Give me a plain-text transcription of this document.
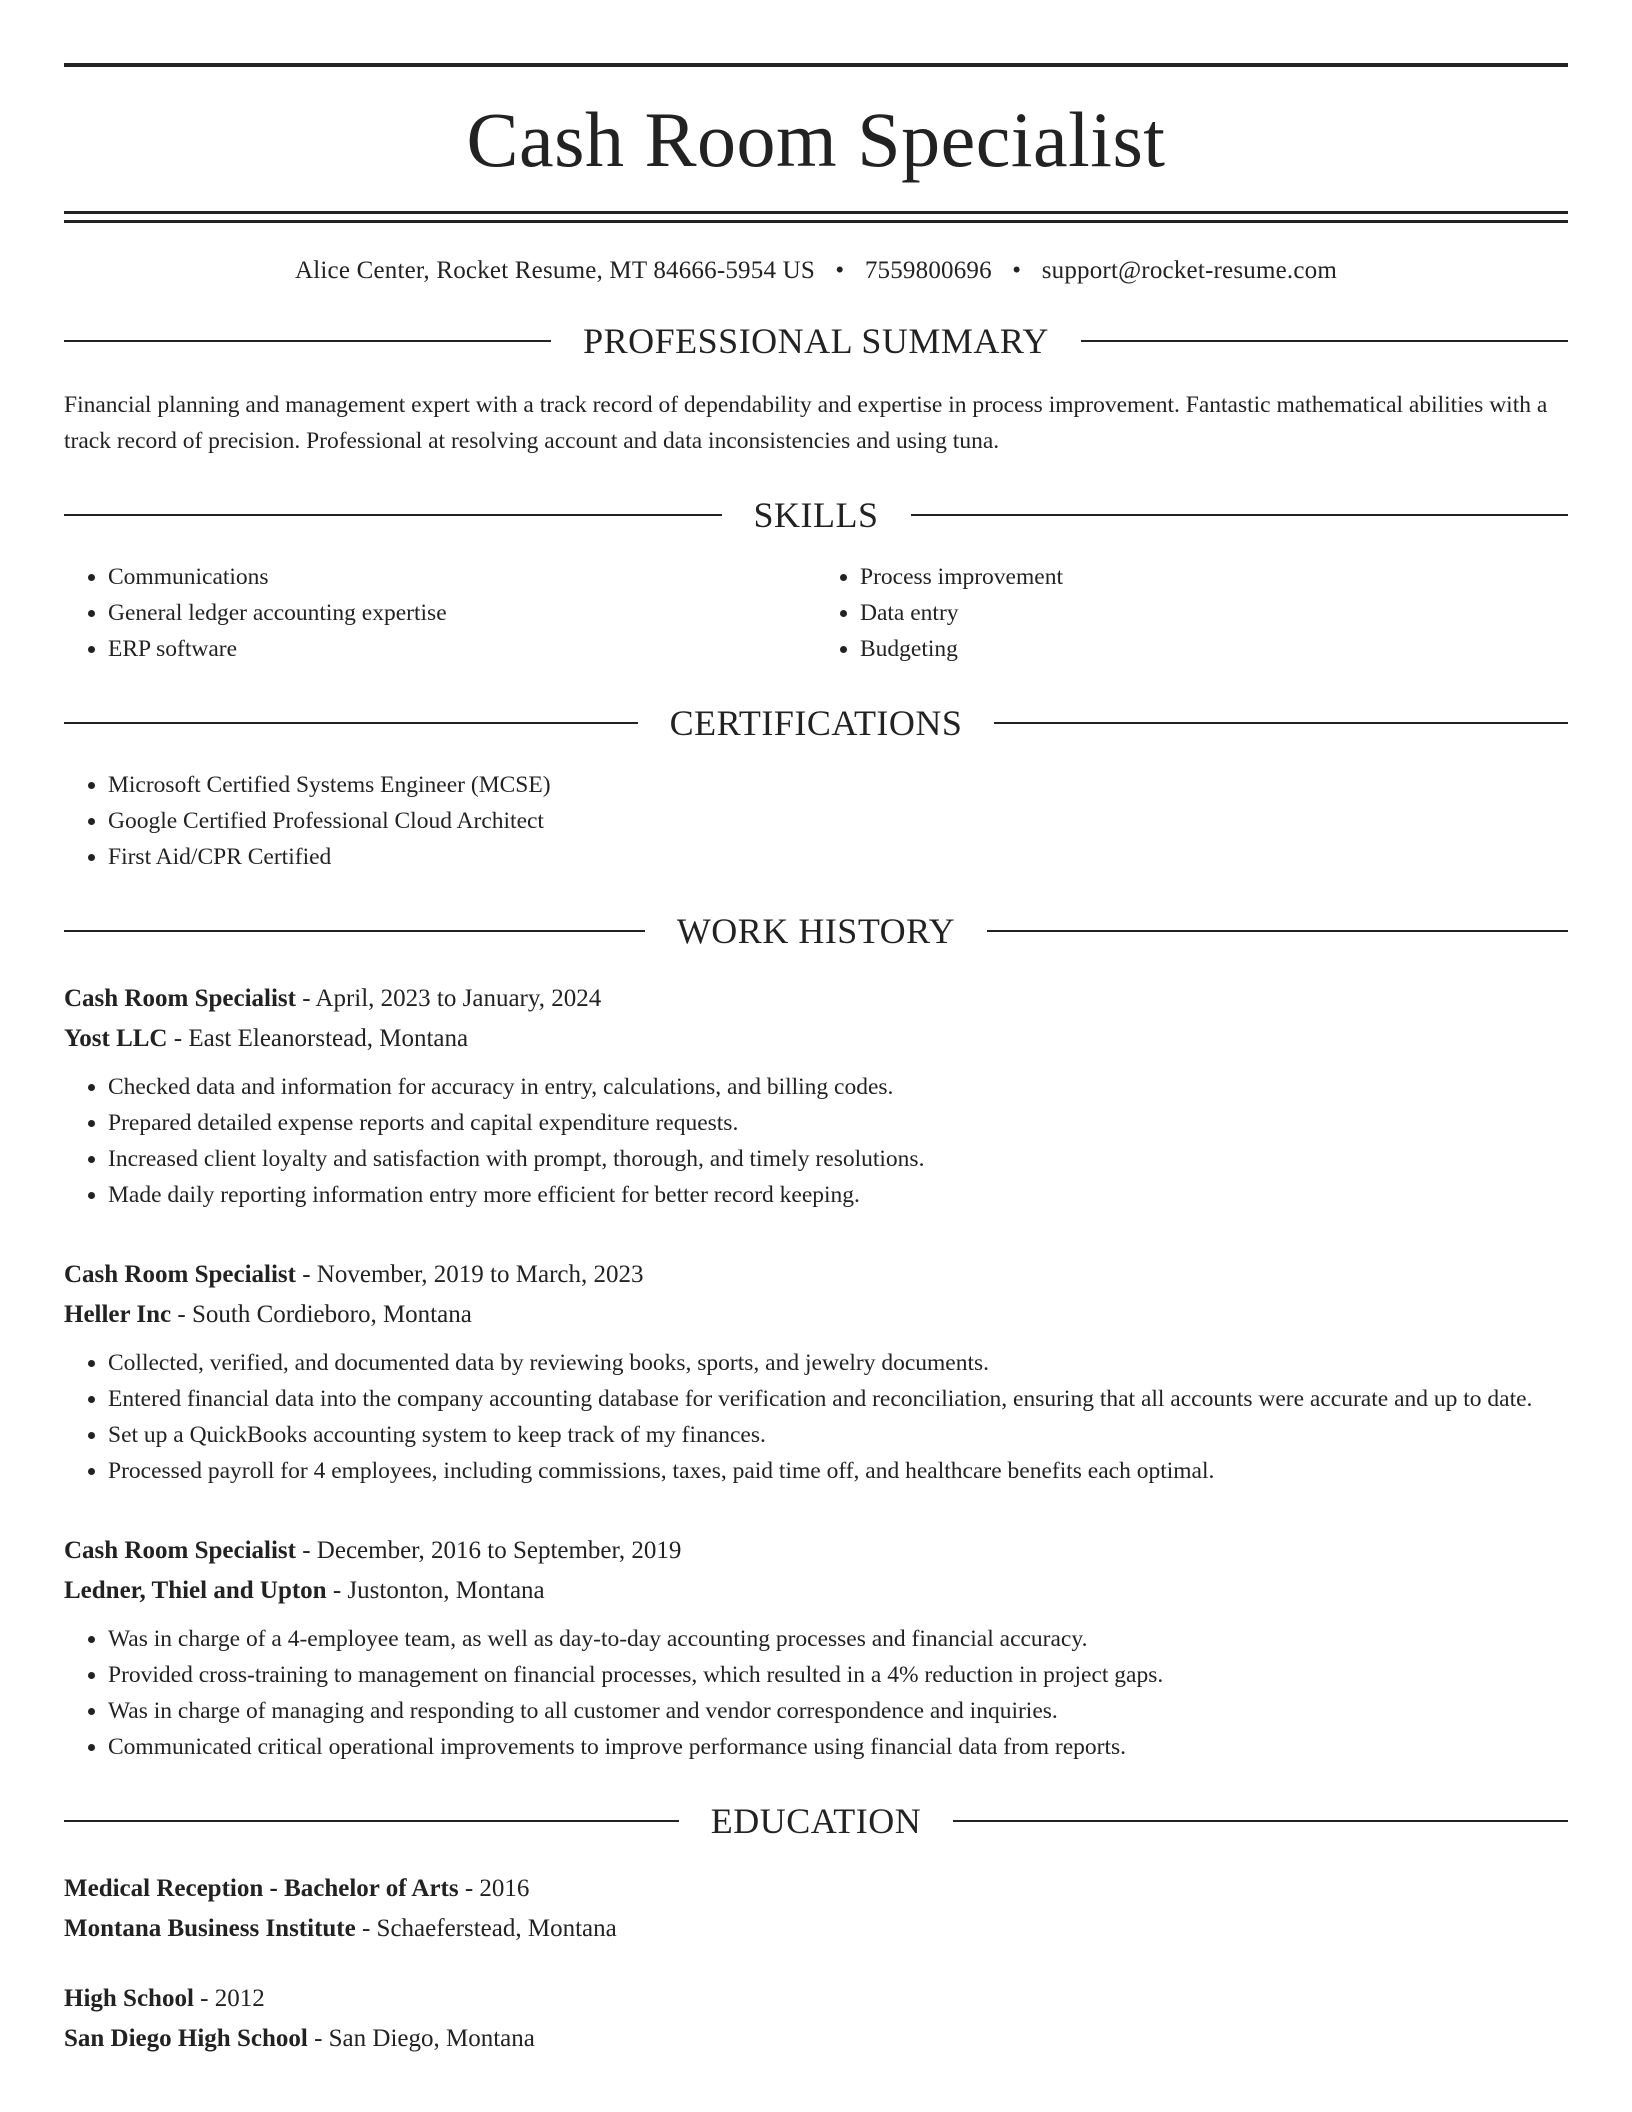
Cash Room Specialist
Alice Center, Rocket Resume, MT 84666-5954 US • 7559800696 • support@rocket-resume.com
PROFESSIONAL SUMMARY
Financial planning and management expert with a track record of dependability and expertise in process improvement. Fantastic mathematical abilities with a track record of precision. Professional at resolving account and data inconsistencies and using tuna.
SKILLS
• Communications
• General ledger accounting expertise
• ERP software
• Process improvement
• Data entry
• Budgeting
CERTIFICATIONS
• Microsoft Certified Systems Engineer (MCSE)
• Google Certified Professional Cloud Architect
• First Aid/CPR Certified
WORK HISTORY
Cash Room Specialist - April, 2023 to January, 2024
Yost LLC - East Eleanorstead, Montana
• Checked data and information for accuracy in entry, calculations, and billing codes.
• Prepared detailed expense reports and capital expenditure requests.
• Increased client loyalty and satisfaction with prompt, thorough, and timely resolutions.
• Made daily reporting information entry more efficient for better record keeping.
Cash Room Specialist - November, 2019 to March, 2023
Heller Inc - South Cordieboro, Montana
• Collected, verified, and documented data by reviewing books, sports, and jewelry documents.
• Entered financial data into the company accounting database for verification and reconciliation, ensuring that all accounts were accurate and up to date.
• Set up a QuickBooks accounting system to keep track of my finances.
• Processed payroll for 4 employees, including commissions, taxes, paid time off, and healthcare benefits each optimal.
Cash Room Specialist - December, 2016 to September, 2019
Ledner, Thiel and Upton - Justonton, Montana
• Was in charge of a 4-employee team, as well as day-to-day accounting processes and financial accuracy.
• Provided cross-training to management on financial processes, which resulted in a 4% reduction in project gaps.
• Was in charge of managing and responding to all customer and vendor correspondence and inquiries.
• Communicated critical operational improvements to improve performance using financial data from reports.
EDUCATION
Medical Reception - Bachelor of Arts - 2016
Montana Business Institute - Schaeferstead, Montana
High School - 2012
San Diego High School - San Diego, Montana
